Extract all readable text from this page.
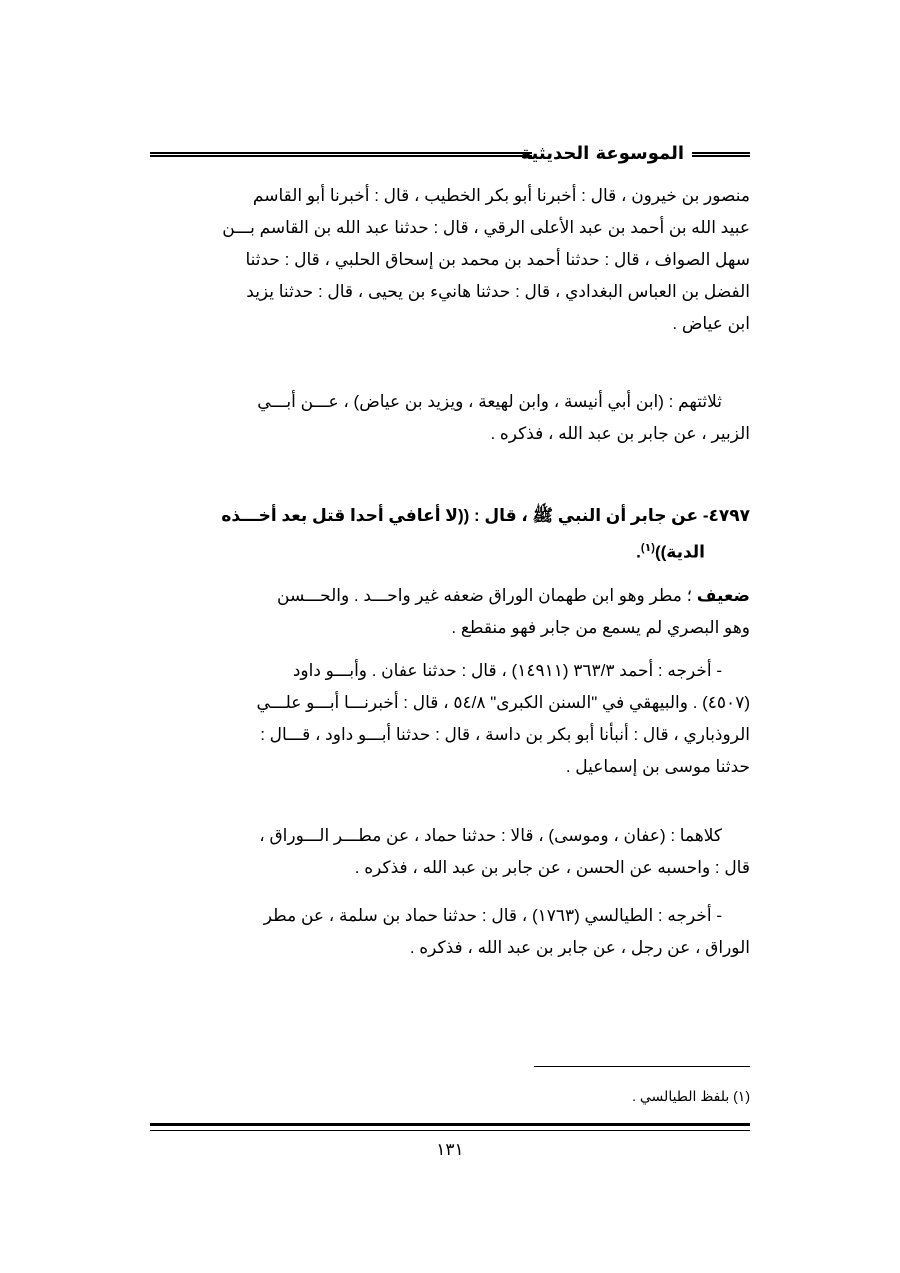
الموسوعة الحديثية

منصور بن خيرون ، قال : أخبرنا أبو بكر الخطيب ، قال : أخبرنا أبو القاسم

عبيد الله بن أحمد بن عبد الأعلى الرقي ، قال : حدثنا عبد الله بن القاسم بـــن

سهل الصواف ، قال : حدثنا أحمد بن محمد بن إسحاق الحلبي ، قال : حدثنا

الفضل بن العباس البغدادي ، قال : حدثنا هانيء بن يحيى ، قال : حدثنا يزيد

ابن عياض .

ثلاثتهم : (ابن أبي أنيسة ، وابن لهيعة ، ويزيد بن عياض) ، عـــن أبـــي

الزبير ، عن جابر بن عبد الله ، فذكره .

٤٧٩٧- عن جابر أن النبي ﷺ ، قال : ((لا أعافي أحدا قتل بعد أخـــذه

الدية))$^{(١)}$.

ضعيف ؛ مطر وهو ابن طهمان الوراق ضعفه غير واحـــد . والحـــسن

وهو البصري لم يسمع من جابر فهو منقطع .

- أخرجه : أحمد ٣٦٣/٣ (١٤٩١١) ، قال : حدثنا عفان . وأبـــو داود

(٤٥٠٧) . والبيهقي في "السنن الكبرى" ٥٤/٨ ، قال : أخبرنـــا أبـــو علـــي

الروذباري ، قال : أنبأنا أبو بكر بن داسة ، قال : حدثنا أبـــو داود ، قـــال :

حدثنا موسى بن إسماعيل .

كلاهما : (عفان ، وموسى) ، قالا : حدثنا حماد ، عن مطـــر الـــوراق ،

قال : واحسبه عن الحسن ، عن جابر بن عبد الله ، فذكره .

- أخرجه : الطيالسي (١٧٦٣) ، قال : حدثنا حماد بن سلمة ، عن مطر

الوراق ، عن رجل ، عن جابر بن عبد الله ، فذكره .

(١) بلفظ الطيالسي .
١٣١
